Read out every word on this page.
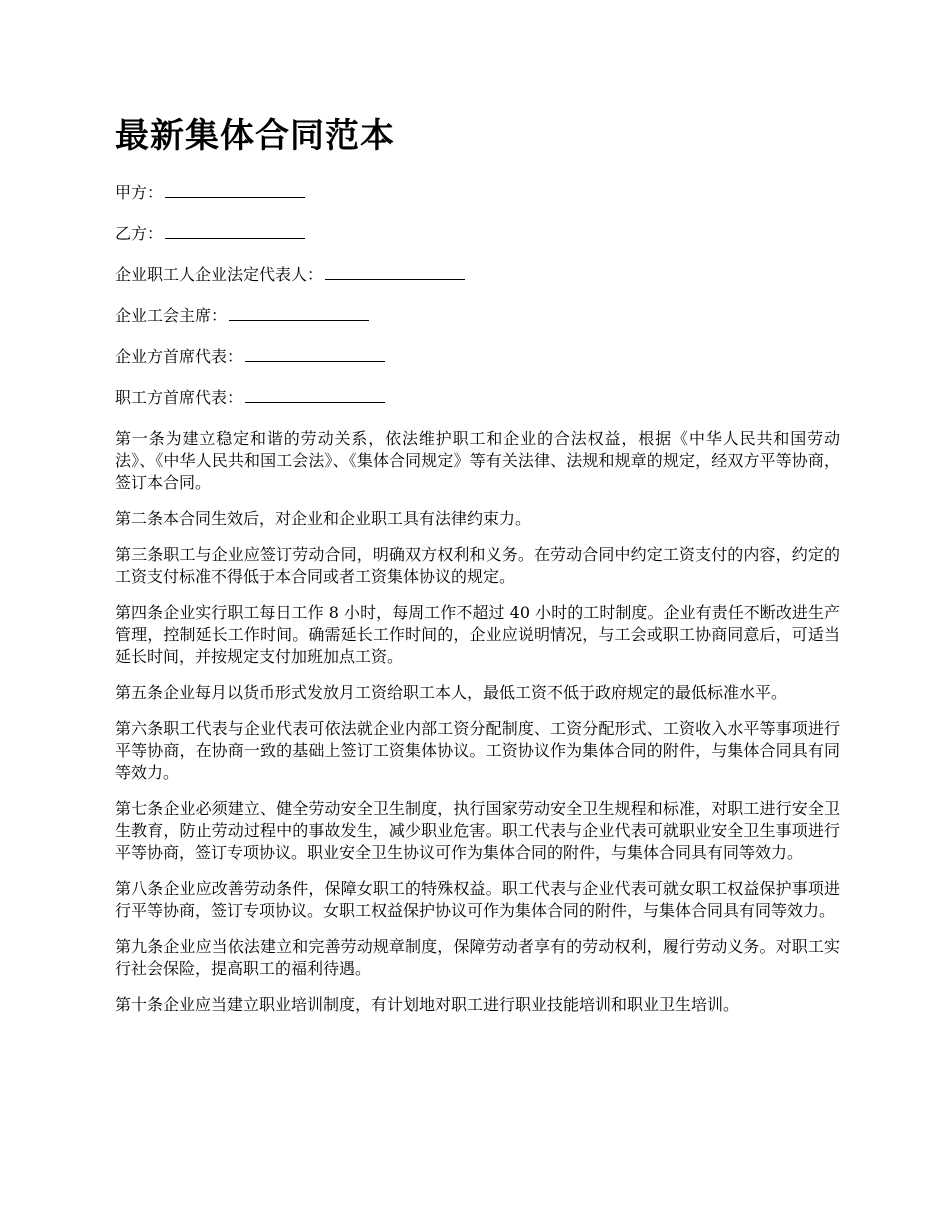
最新集体合同范本
甲方：
乙方：
企业职工人企业法定代表人：
企业工会主席：
企业方首席代表：
职工方首席代表：

第一条为建立稳定和谐的劳动关系，依法维护职工和企业的合法权益，根据《中华人民共和国劳动法》、《中华人民共和国工会法》、《集体合同规定》等有关法律、法规和规章的规定，经双方平等协商，签订本合同。

第二条本合同生效后，对企业和企业职工具有法律约束力。

第三条职工与企业应签订劳动合同，明确双方权利和义务。在劳动合同中约定工资支付的内容，约定的工资支付标准不得低于本合同或者工资集体协议的规定。

第四条企业实行职工每日工作 8 小时，每周工作不超过 40 小时的工时制度。企业有责任不断改进生产管理，控制延长工作时间。确需延长工作时间的，企业应说明情况，与工会或职工协商同意后，可适当延长时间，并按规定支付加班加点工资。

第五条企业每月以货币形式发放月工资给职工本人，最低工资不低于政府规定的最低标准水平。

第六条职工代表与企业代表可依法就企业内部工资分配制度、工资分配形式、工资收入水平等事项进行平等协商，在协商一致的基础上签订工资集体协议。工资协议作为集体合同的附件，与集体合同具有同等效力。

第七条企业必须建立、健全劳动安全卫生制度，执行国家劳动安全卫生规程和标准，对职工进行安全卫生教育，防止劳动过程中的事故发生，减少职业危害。职工代表与企业代表可就职业安全卫生事项进行平等协商，签订专项协议。职业安全卫生协议可作为集体合同的附件，与集体合同具有同等效力。

第八条企业应改善劳动条件，保障女职工的特殊权益。职工代表与企业代表可就女职工权益保护事项进行平等协商，签订专项协议。女职工权益保护协议可作为集体合同的附件，与集体合同具有同等效力。

第九条企业应当依法建立和完善劳动规章制度，保障劳动者享有的劳动权利，履行劳动义务。对职工实行社会保险，提高职工的福利待遇。

第十条企业应当建立职业培训制度，有计划地对职工进行职业技能培训和职业卫生培训。
